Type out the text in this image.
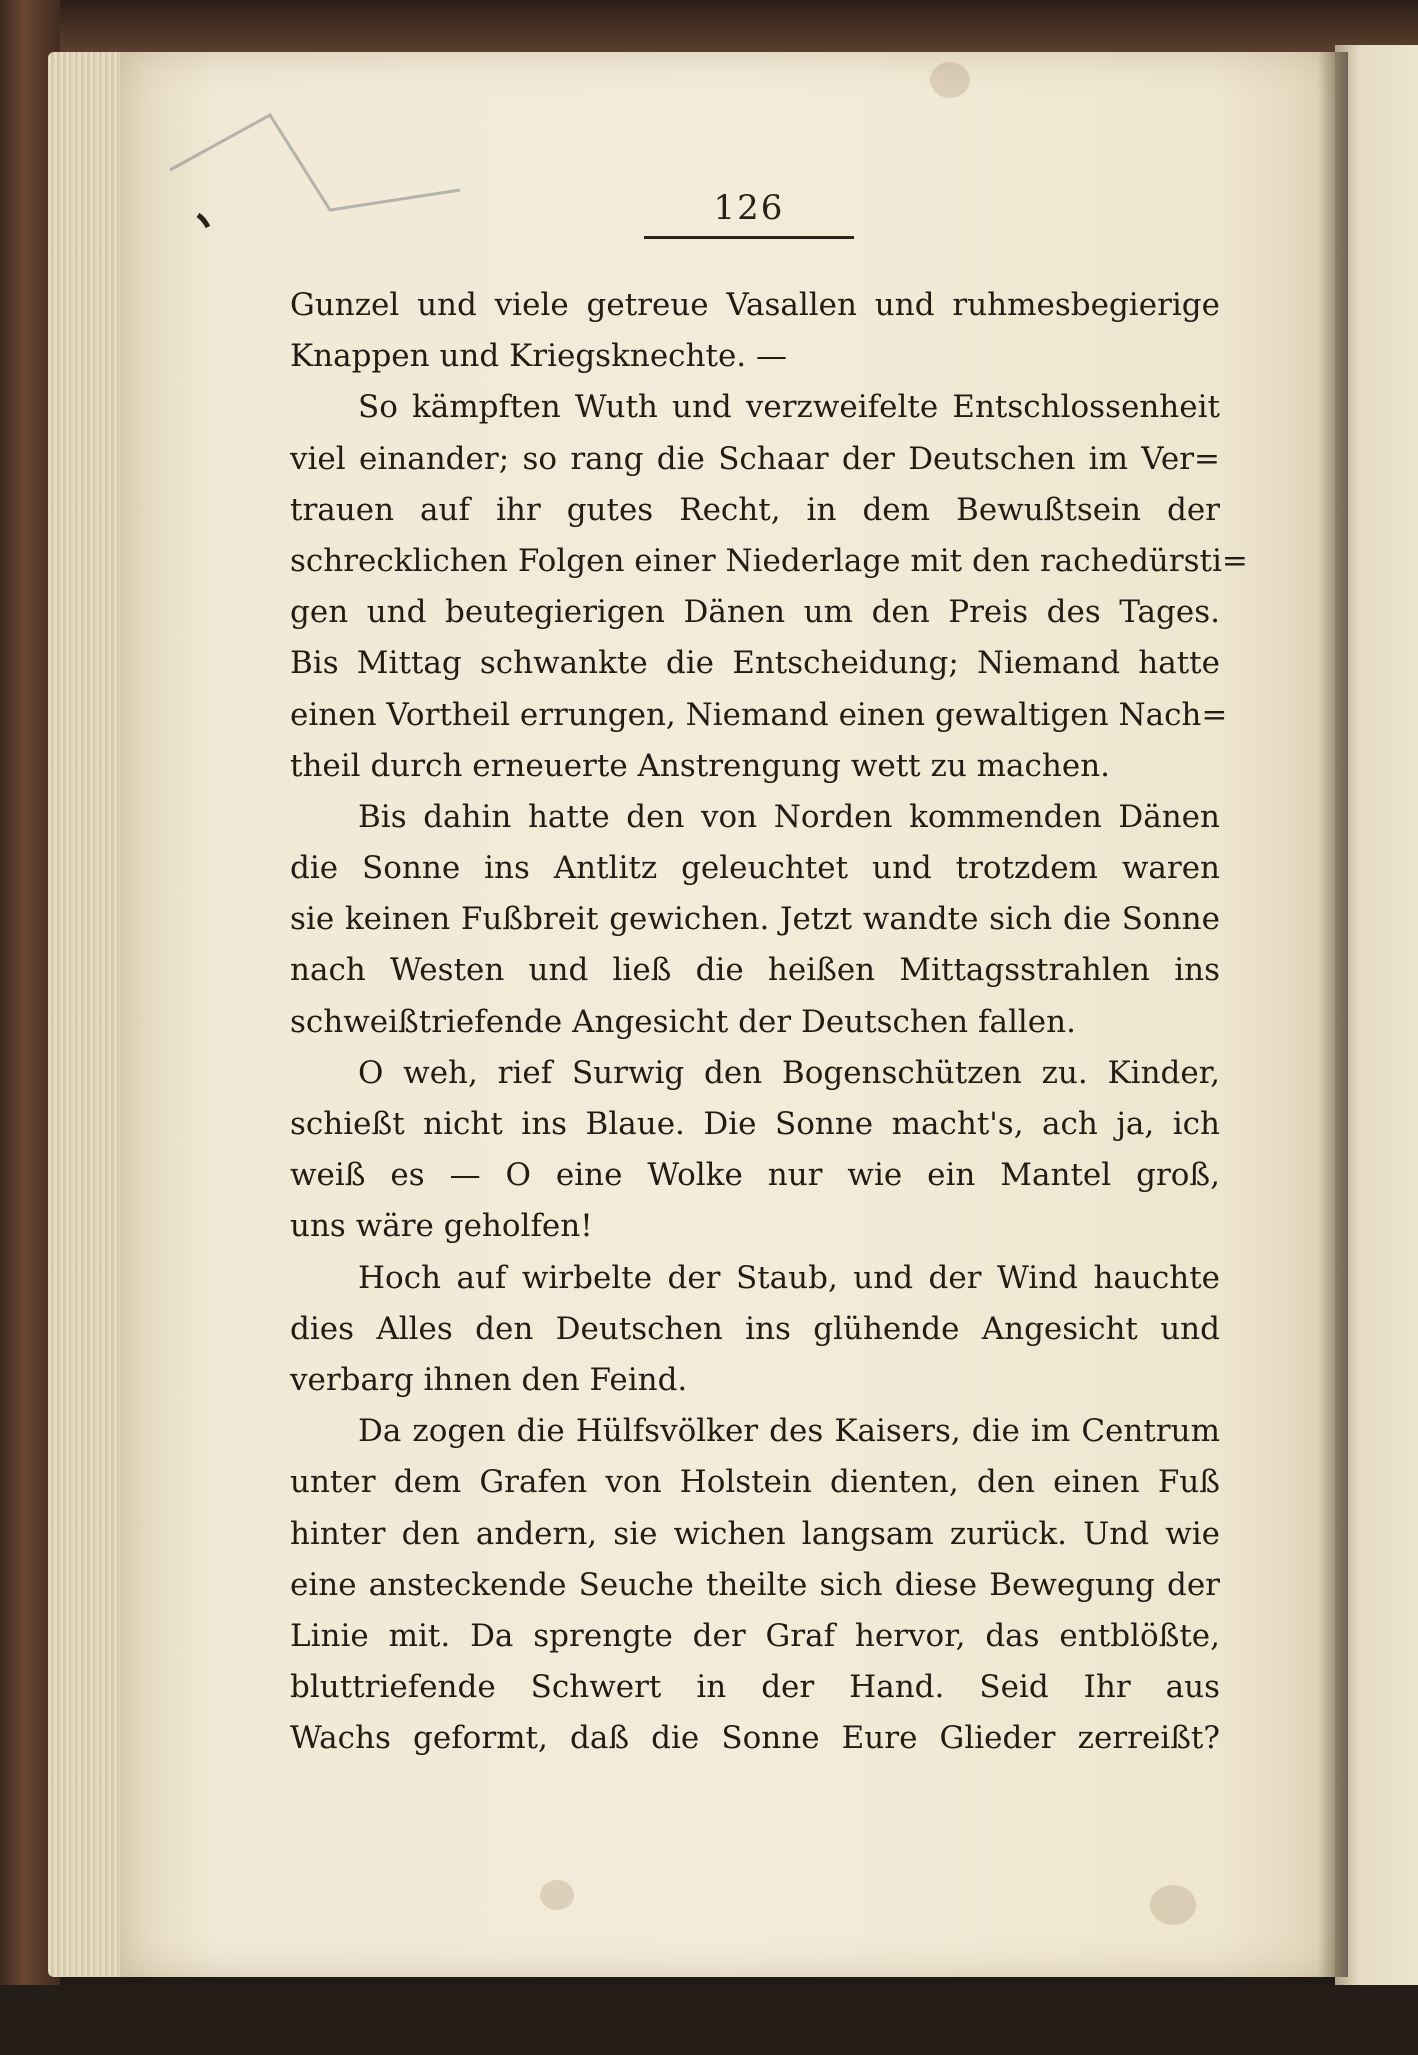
126
Gunzel und viele getreue Vasallen und ruhmesbegierige
Knappen und Kriegsknechte. —
So kämpften Wuth und verzweifelte Entschlossenheit
viel einander; so rang die Schaar der Deutschen im Ver=
trauen auf ihr gutes Recht, in dem Bewußtsein der
schrecklichen Folgen einer Niederlage mit den rachedürsti=
gen und beutegierigen Dänen um den Preis des Tages.
Bis Mittag schwankte die Entscheidung; Niemand hatte
einen Vortheil errungen, Niemand einen gewaltigen Nach=
theil durch erneuerte Anstrengung wett zu machen.
Bis dahin hatte den von Norden kommenden Dänen
die Sonne ins Antlitz geleuchtet und trotzdem waren
sie keinen Fußbreit gewichen. Jetzt wandte sich die Sonne
nach Westen und ließ die heißen Mittagsstrahlen ins
schweißtriefende Angesicht der Deutschen fallen.
O weh, rief Surwig den Bogenschützen zu. Kinder,
schießt nicht ins Blaue. Die Sonne macht's, ach ja, ich
weiß es — O eine Wolke nur wie ein Mantel groß,
uns wäre geholfen!
Hoch auf wirbelte der Staub, und der Wind hauchte
dies Alles den Deutschen ins glühende Angesicht und
verbarg ihnen den Feind.
Da zogen die Hülfsvölker des Kaisers, die im Centrum
unter dem Grafen von Holstein dienten, den einen Fuß
hinter den andern, sie wichen langsam zurück. Und wie
eine ansteckende Seuche theilte sich diese Bewegung der
Linie mit. Da sprengte der Graf hervor, das entblößte,
bluttriefende Schwert in der Hand. Seid Ihr aus
Wachs geformt, daß die Sonne Eure Glieder zerreißt?
